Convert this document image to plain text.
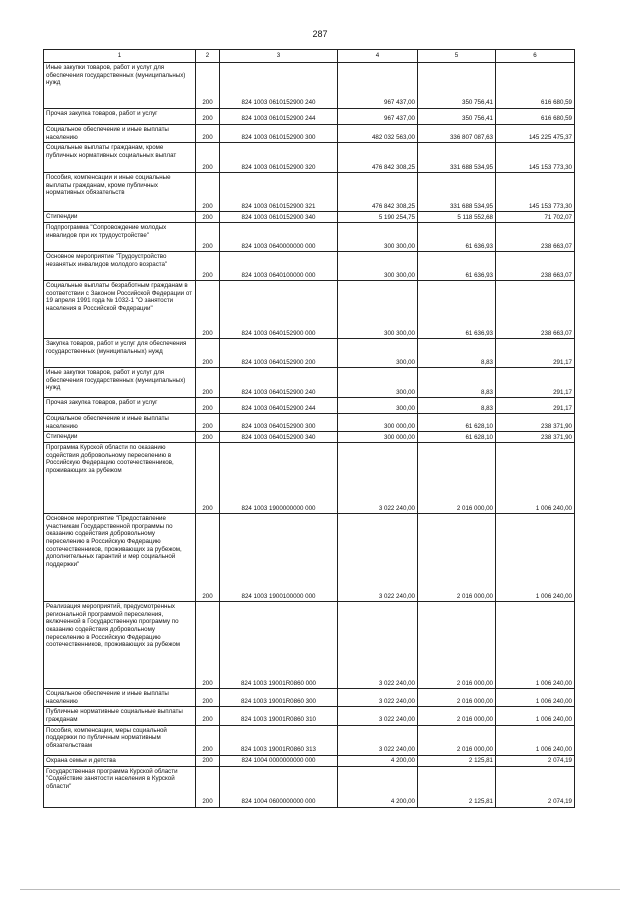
287
1	2	3	4	5	6
Иные закупки товаров, работ и услуг для обеспечения государственных (муниципальных) нужд	200	824 1003 0610152900 240	967 437,00	350 756,41	616 680,59
Прочая закупка товаров, работ и услуг	200	824 1003 0610152900 244	967 437,00	350 756,41	616 680,59
Социальное обеспечение и иные выплаты населению	200	824 1003 0610152900 300	482 032 563,00	336 807 087,63	145 225 475,37
Социальные выплаты гражданам, кроме публичных нормативных социальных выплат	200	824 1003 0610152900 320	476 842 308,25	331 688 534,95	145 153 773,30
Пособия, компенсации и иные социальные выплаты гражданам, кроме публичных нормативных обязательств	200	824 1003 0610152900 321	476 842 308,25	331 688 534,95	145 153 773,30
Стипендии	200	824 1003 0610152900 340	5 190 254,75	5 118 552,68	71 702,07
Подпрограмма "Сопровождение молодых инвалидов при их трудоустройстве"	200	824 1003 0640000000 000	300 300,00	61 636,93	238 663,07
Основное мероприятие "Трудоустройство незанятых инвалидов молодого возраста"	200	824 1003 0640100000 000	300 300,00	61 636,93	238 663,07
Социальные выплаты безработным гражданам в соответствии с Законом Российской Федерации от 19 апреля 1991 года № 1032-1 "О занятости населения в Российской Федерации"	200	824 1003 0640152900 000	300 300,00	61 636,93	238 663,07
Закупка товаров, работ и услуг для обеспечения государственных (муниципальных) нужд	200	824 1003 0640152900 200	300,00	8,83	291,17
Иные закупки товаров, работ и услуг для обеспечения государственных (муниципальных) нужд	200	824 1003 0640152900 240	300,00	8,83	291,17
Прочая закупка товаров, работ и услуг	200	824 1003 0640152900 244	300,00	8,83	291,17
Социальное обеспечение и иные выплаты населению	200	824 1003 0640152900 300	300 000,00	61 628,10	238 371,90
Стипендии	200	824 1003 0640152900 340	300 000,00	61 628,10	238 371,90
Программа Курской области по оказанию содействия добровольному переселению в Российскую Федерацию соотечественников, проживающих за рубежом	200	824 1003 1900000000 000	3 022 240,00	2 016 000,00	1 006 240,00
Основное мероприятие "Предоставление участникам Государственной программы по оказанию содействия добровольному переселению в Российскую Федерацию соотечественников, проживающих за рубежом, дополнительных гарантий и мер социальной поддержки"	200	824 1003 1900100000 000	3 022 240,00	2 016 000,00	1 006 240,00
Реализация мероприятий, предусмотренных региональной программой переселения, включенной в Государственную программу по оказанию содействия добровольному переселению в Российскую Федерацию соотечественников, проживающих за рубежом	200	824 1003 19001R0860 000	3 022 240,00	2 016 000,00	1 006 240,00
Социальное обеспечение и иные выплаты населению	200	824 1003 19001R0860 300	3 022 240,00	2 016 000,00	1 006 240,00
Публичные нормативные социальные выплаты гражданам	200	824 1003 19001R0860 310	3 022 240,00	2 016 000,00	1 006 240,00
Пособия, компенсации, меры социальной поддержки по публичным нормативным обязательствам	200	824 1003 19001R0860 313	3 022 240,00	2 016 000,00	1 006 240,00
Охрана семьи и детства	200	824 1004 0000000000 000	4 200,00	2 125,81	2 074,19
Государственная программа Курской области "Содействие занятости населения в Курской области"	200	824 1004 0600000000 000	4 200,00	2 125,81	2 074,19
